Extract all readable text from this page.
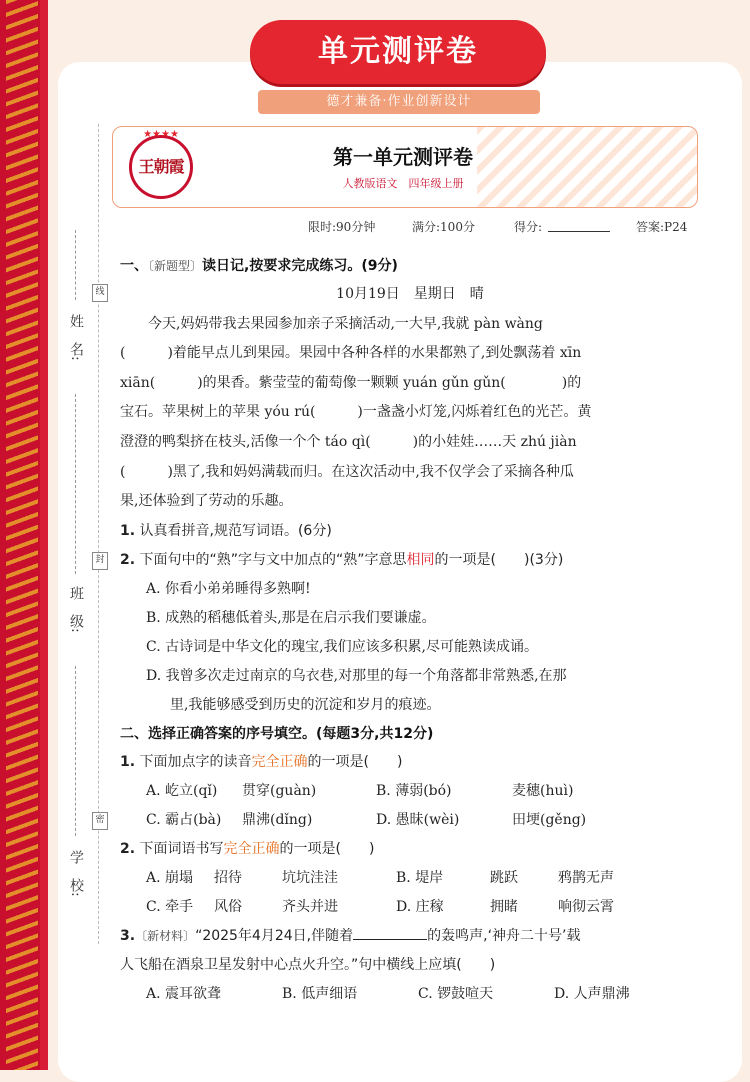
单元测评卷
德才兼备·作业创新设计
王朝霞
★★★★
第一单元测评卷
人教版语文　四年级上册
限时:90分钟	满分:100分	得分:	答案:P24
姓　名:
班　级:
学　校:
线
封
密
一、〔新题型〕读日记,按要求完成练习。(9分)
10月19日　星期日　晴
今天,妈妈带我去果园参加亲子采摘活动,一大早,我就 pàn wàng
(　　　)着能早点儿到果园。果园中各种各样的水果都熟了,到处飘荡着 xīn
xiān(　　　)的果香。紫莹莹的葡萄像一颗颗 yuán gǔn gǔn(　　　　)的
宝石。苹果树上的苹果 yóu rú(　　　)一盏盏小灯笼,闪烁着红色的光芒。黄
澄澄的鸭梨挤在枝头,活像一个个 táo qì(　　　)的小娃娃……天 zhú jiàn
(　　　)黑了,我和妈妈满载而归。在这次活动中,我不仅学会了采摘各种瓜
果,还体验到了劳动的乐趣。
1. 认真看拼音,规范写词语。(6分)
2. 下面句中的“熟”字与文中加点的“熟”字意思相同的一项是(　　)(3分)
A. 你看小弟弟睡得多熟啊!
B. 成熟的稻穗低着头,那是在启示我们要谦虚。
C. 古诗词是中华文化的瑰宝,我们应该多积累,尽可能熟读成诵。
D. 我曾多次走过南京的乌衣巷,对那里的每一个角落都非常熟悉,在那
里,我能够感受到历史的沉淀和岁月的痕迹。
二、选择正确答案的序号填空。(每题3分,共12分)
1. 下面加点字的读音完全正确的一项是(　　)
A. 屹立(qǐ)	贯穿(guàn)	B. 薄弱(bó)	麦穗(huì)
C. 霸占(bà)	鼎沸(dǐng)	D. 愚昧(wèi)	田埂(gěng)
2. 下面词语书写完全正确的一项是(　　)
A. 崩塌	招待	坑坑洼洼	B. 堤岸	跳跃	鸦鹊无声
C. 牵手	风俗	齐头并进	D. 庄稼	拥睹	响彻云霄
3.〔新材料〕“2025年4月24日,伴随着	的轰鸣声,‘神舟二十号’载
人飞船在酒泉卫星发射中心点火升空。”句中横线上应填(　　)
A. 震耳欲聋	B. 低声细语	C. 锣鼓喧天	D. 人声鼎沸
